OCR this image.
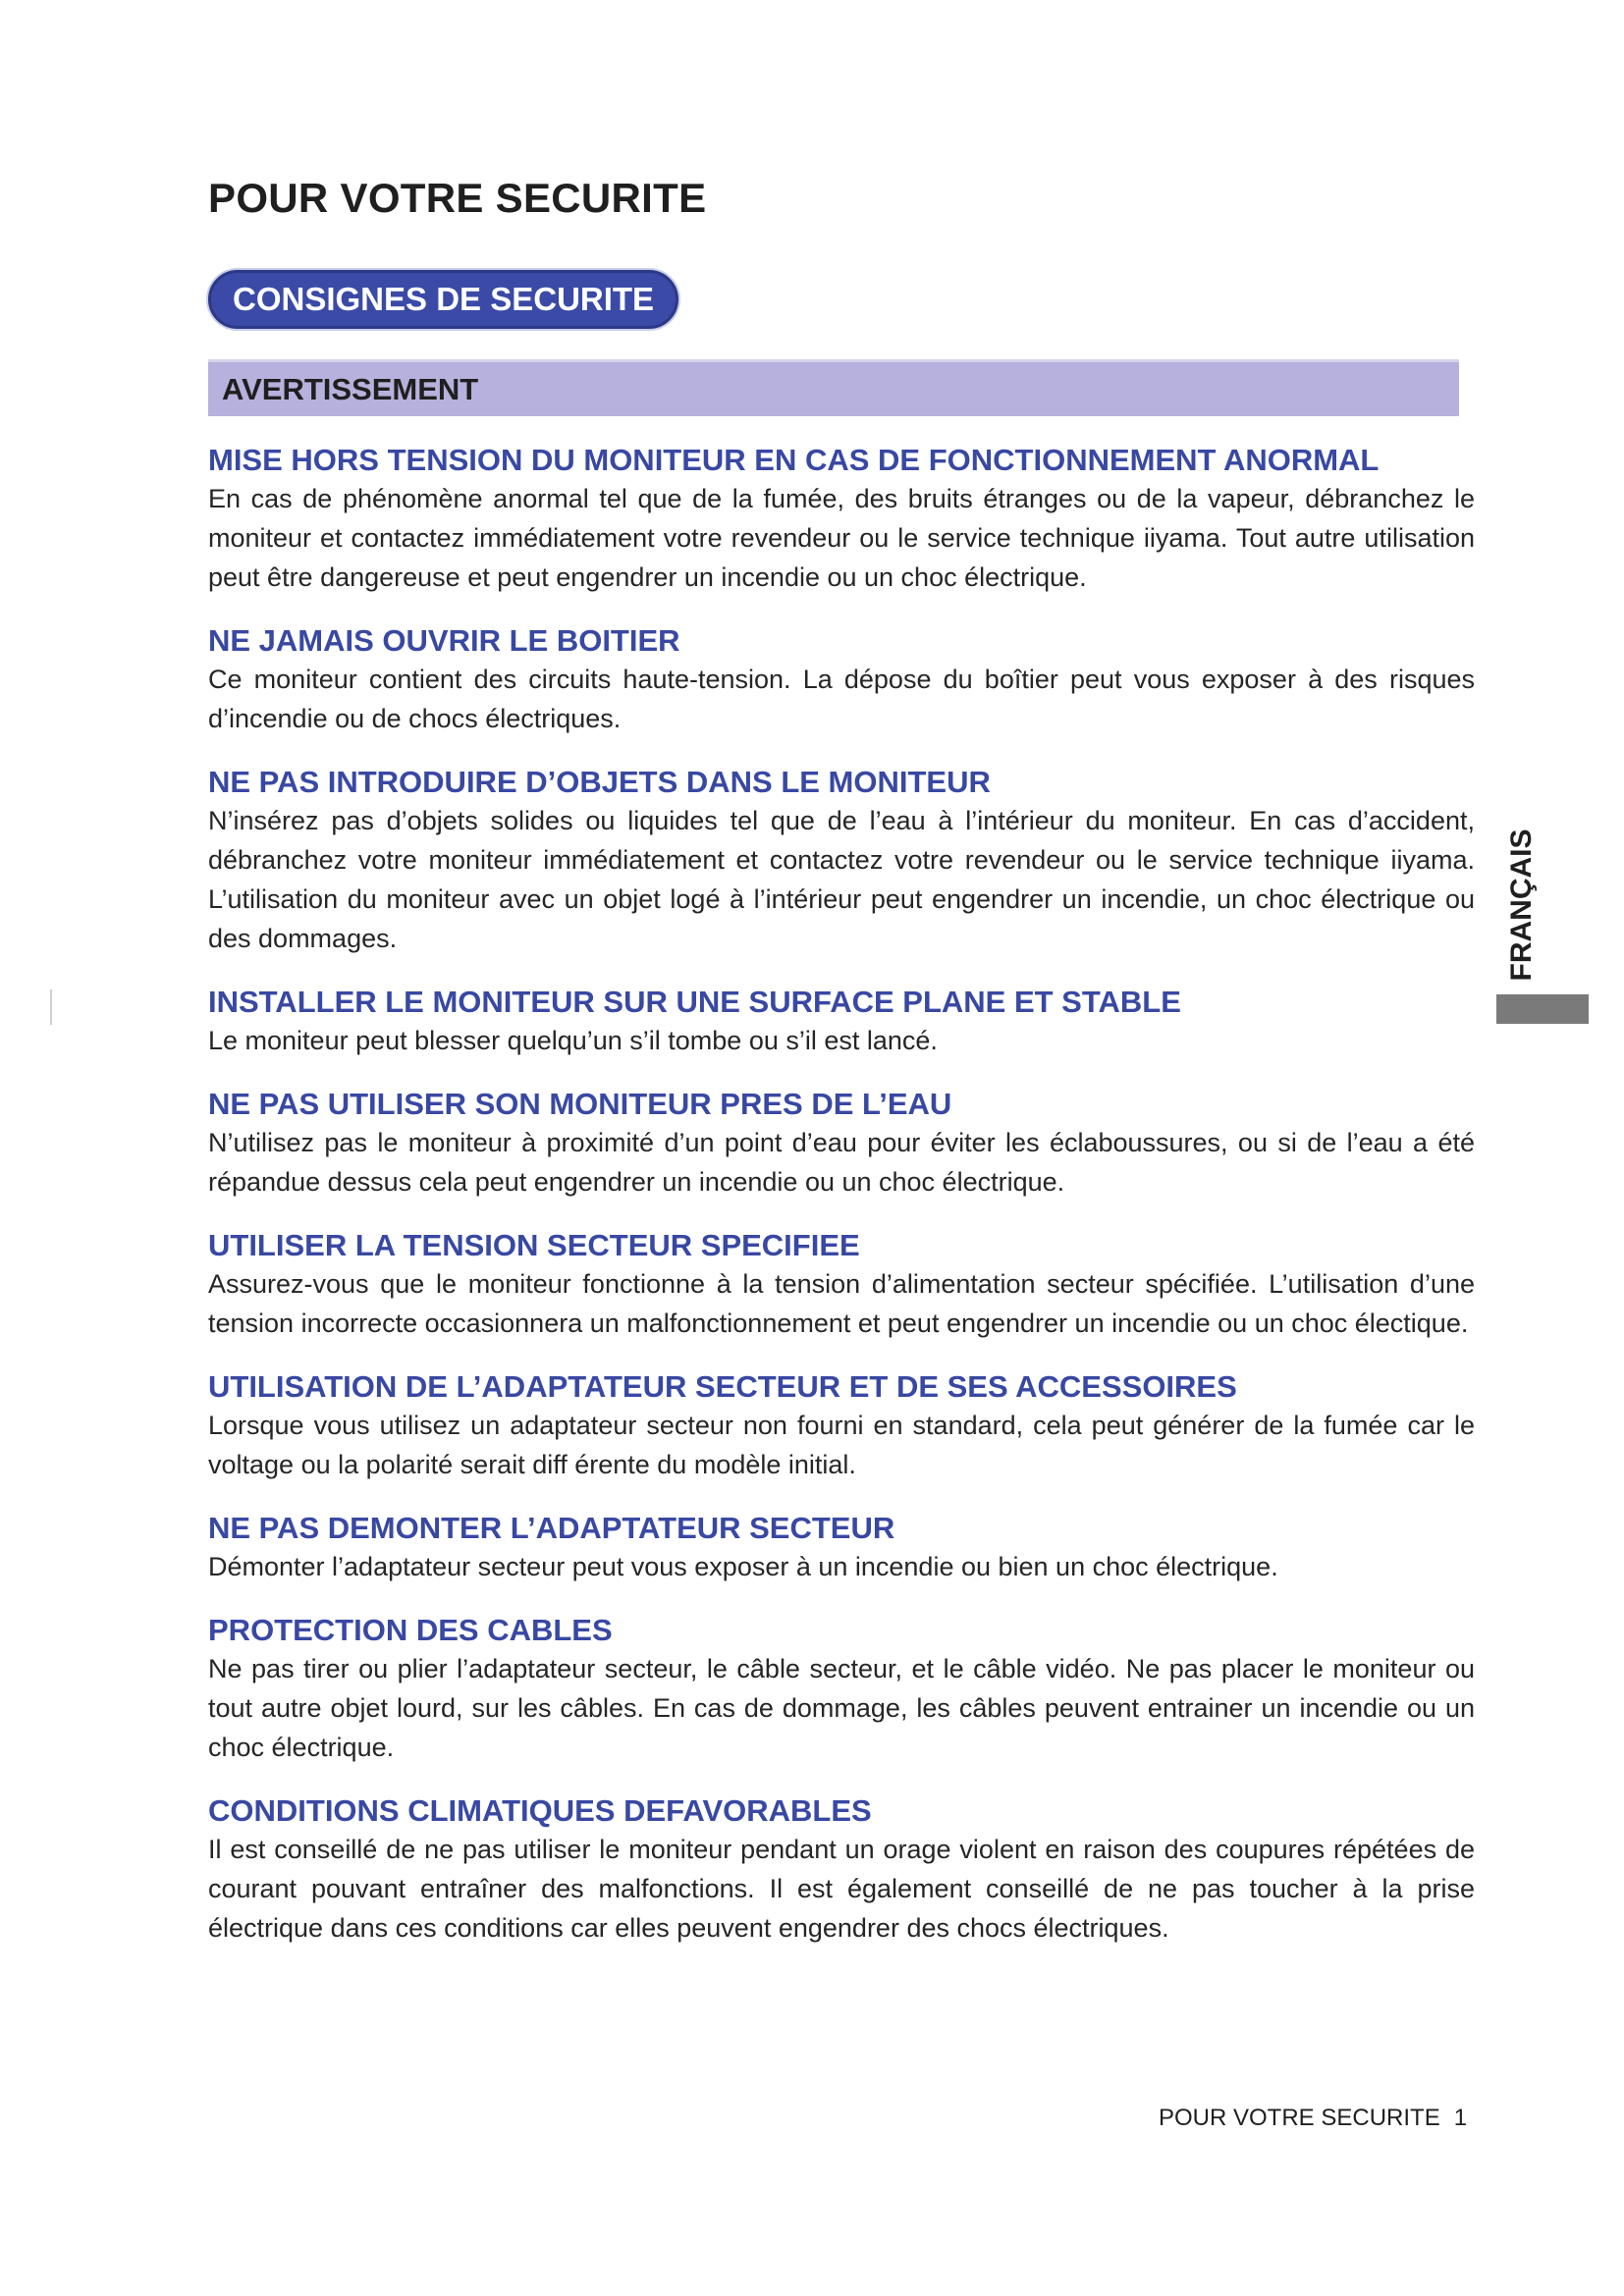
POUR VOTRE SECURITE
CONSIGNES DE SECURITE
AVERTISSEMENT
MISE HORS TENSION DU MONITEUR EN CAS DE FONCTIONNEMENT ANORMAL

En cas de phénomène anormal tel que de la fumée, des bruits étranges ou de la vapeur, débranchez le moniteur et contactez immédiatement votre revendeur ou le service technique iiyama. Tout autre utilisation peut être dangereuse et peut engendrer un incendie ou un choc électrique.

NE JAMAIS OUVRIR LE BOITIER

Ce moniteur contient des circuits haute-tension. La dépose du boîtier peut vous exposer à des risques d’incendie ou de chocs électriques.

NE PAS INTRODUIRE D’OBJETS DANS LE MONITEUR

N’insérez pas d’objets solides ou liquides tel que de l’eau à l’intérieur du moniteur. En cas d’accident, débranchez votre moniteur immédiatement et contactez votre revendeur ou le service technique iiyama. L’utilisation du moniteur avec un objet logé à l’intérieur peut engendrer un incendie, un choc électrique ou des dommages.

INSTALLER LE MONITEUR SUR UNE SURFACE PLANE ET STABLE

Le moniteur peut blesser quelqu’un s’il tombe ou s’il est lancé.

NE PAS UTILISER SON MONITEUR PRES DE L’EAU

N’utilisez pas le moniteur à proximité d’un point d’eau pour éviter les éclaboussures, ou si de l’eau a été répandue dessus cela peut engendrer un incendie ou un choc électrique.

UTILISER LA TENSION SECTEUR SPECIFIEE

Assurez-vous que le moniteur fonctionne à la tension d’alimentation secteur spécifiée. L’utilisation d’une tension incorrecte occasionnera un malfonctionnement et peut engendrer un incendie ou un choc électique.

UTILISATION DE L’ADAPTATEUR SECTEUR ET DE SES ACCESSOIRES

Lorsque vous utilisez un adaptateur secteur non fourni en standard, cela peut générer de la fumée car le voltage ou la polarité serait diff érente du modèle initial.

NE PAS DEMONTER L’ADAPTATEUR SECTEUR

Démonter l’adaptateur secteur peut vous exposer à un incendie ou bien un choc électrique.

PROTECTION DES CABLES

Ne pas tirer ou plier l’adaptateur secteur, le câble secteur, et le câble vidéo. Ne pas placer le moniteur ou tout autre objet lourd, sur les câbles. En cas de dommage, les câbles peuvent entrainer un incendie ou un choc électrique.

CONDITIONS CLIMATIQUES DEFAVORABLES

Il est conseillé de ne pas utiliser le moniteur pendant un orage violent en raison des coupures répétées de courant pouvant entraîner des malfonctions. Il est également conseillé de ne pas toucher à la prise électrique dans ces conditions car elles peuvent engendrer des chocs électriques.

FRANÇAIS
POUR VOTRE SECURITE 1
